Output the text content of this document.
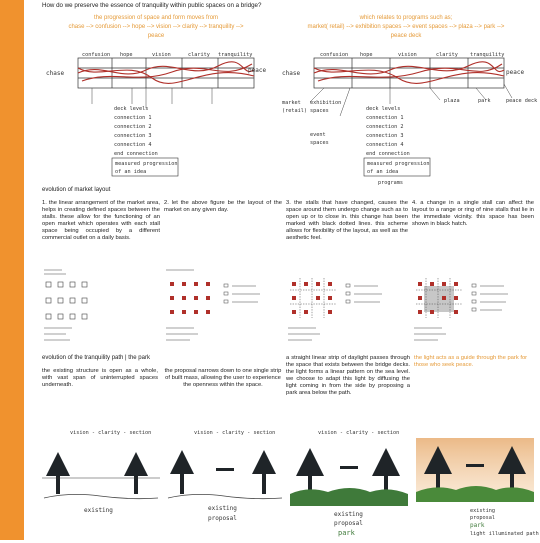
How do we preserve the essence of tranquility within public spaces on a bridge?
the progression of space and form moves from
chase --> confusion --> hope --> vision --> clarity --> tranquility -->
peace
which relates to programs such as;
market( retail) --> exhibition spaces --> event spaces --> plaza --> park -->
peace deck
chase	peace
confusion hope	vision	clarity tranquility
deck levels
connection 1
connection 2
connection 3
connection 4
end connection
measured progression
of an idea
chase	peace
confusion hope	vision	clarity tranquility
market
(retail)
exhibition
spaces
event
spaces
plaza	park	peace deck
deck levels
connection 1
connection 2
connection 3
connection 4
end connection
measured progression
of an idea
programs
evolution of market layout
1. the linear arrangement of the market area, helps in creating defined spaces between the stalls. these allow for the functioning of an open market which operates with each stall space being occupied by a different commercial outlet on a daily basis.
2. let the above figure be the layout of the market on any given day.
3. the stalls that have changed, causes the space around them undergo change such as to open up or to close in. this change has been marked with black dotted lines. this scheme allows for flexibility of the layout, as well as the aesthetic feel.
4. a change in a single stall can affect the layout to a range or ring of nine stalls that lie in the immediate vicinity. this space has been shown in black hatch.
evolution of the tranquility path | the park
the existing structure is open as a whole, with vast span of uninterrupted spaces underneath.
the proposal narrows down to one single strip of built mass, allowing the user to experience the openness within the space.
a straight linear strip of daylight passes through the space that exists between the bridge decks. the light forms a linear pattern on the sea level. we choose to adapt this light by diffusing the light coming in from the side by proposing a park area below the path.
the light acts as a guide through the park for those who seek peace.
vision - clarity - section
existing
vision - clarity - section
existing
proposal
vision - clarity - section
existing
proposal
park
existing
proposal
park
light illuminated path
